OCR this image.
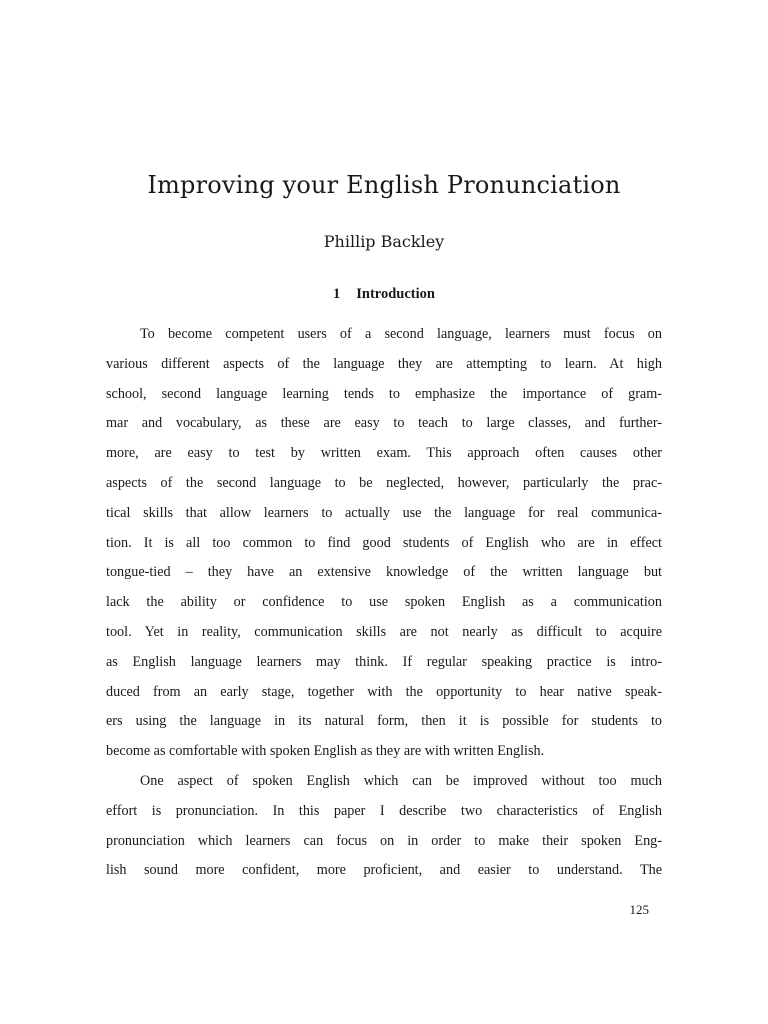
Improving your English Pronunciation

Phillip Backley

1 Introduction
To become competent users of a second language, learners must focus on
various different aspects of the language they are attempting to learn. At high
school, second language learning tends to emphasize the importance of gram-
mar and vocabulary, as these are easy to teach to large classes, and further-
more, are easy to test by written exam. This approach often causes other
aspects of the second language to be neglected, however, particularly the prac-
tical skills that allow learners to actually use the language for real communica-
tion. It is all too common to find good students of English who are in effect
tongue-tied – they have an extensive knowledge of the written language but
lack the ability or confidence to use spoken English as a communication
tool. Yet in reality, communication skills are not nearly as difficult to acquire
as English language learners may think. If regular speaking practice is intro-
duced from an early stage, together with the opportunity to hear native speak-
ers using the language in its natural form, then it is possible for students to
become as comfortable with spoken English as they are with written English.
One aspect of spoken English which can be improved without too much
effort is pronunciation. In this paper I describe two characteristics of English
pronunciation which learners can focus on in order to make their spoken Eng-
lish sound more confident, more proficient, and easier to understand. The

125
